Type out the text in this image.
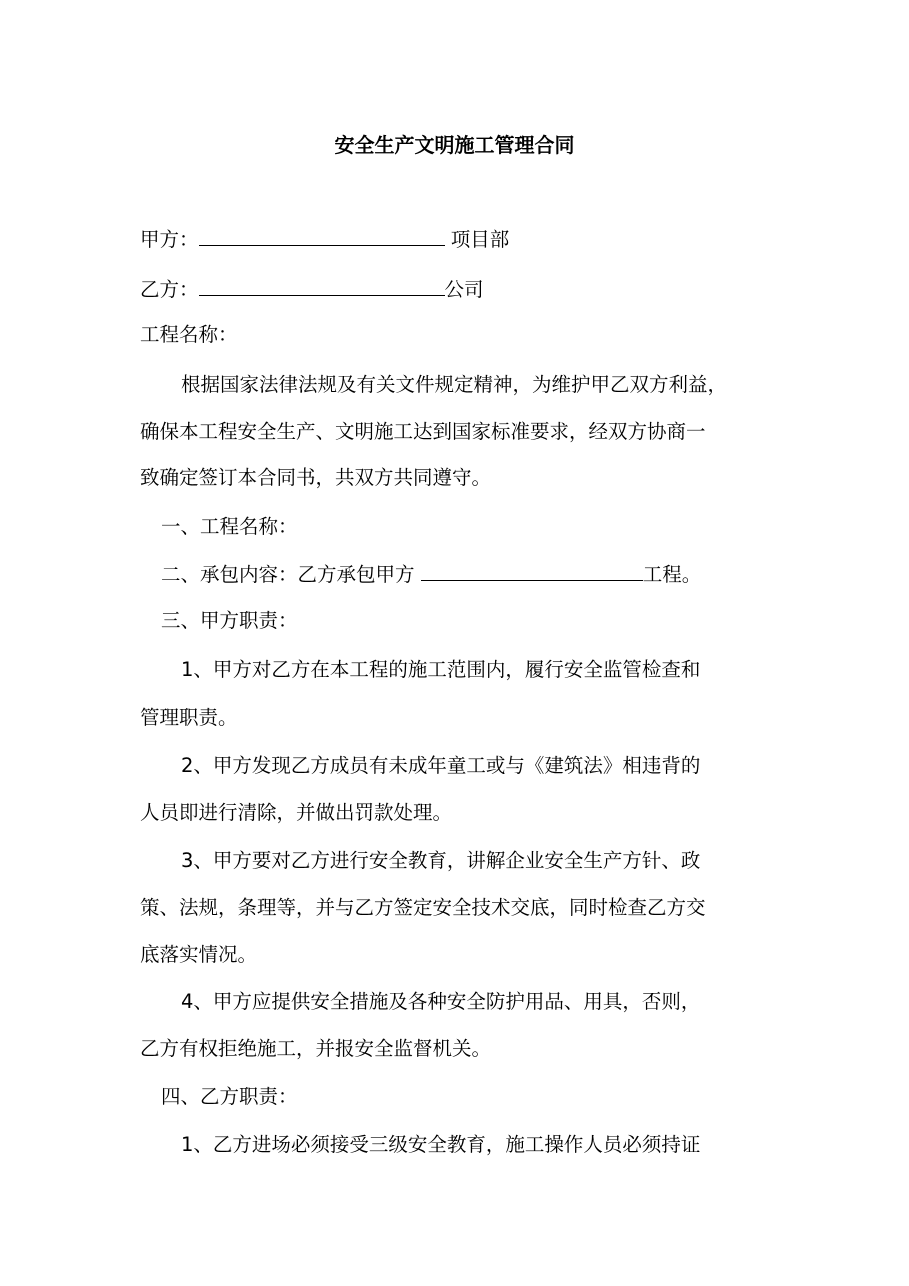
安全生产文明施工管理合同
甲方：	项目部
乙方：	公司
工程名称：
根据国家法律法规及有关文件规定精神，为维护甲乙双方利益，
确保本工程安全生产、文明施工达到国家标准要求，经双方协商一
致确定签订本合同书，共双方共同遵守。
一、工程名称：
二、承包内容：乙方承包甲方	工程。
三、甲方职责：
1、甲方对乙方在本工程的施工范围内，履行安全监管检查和
管理职责。
2、甲方发现乙方成员有未成年童工或与《建筑法》相违背的
人员即进行清除，并做出罚款处理。
3、甲方要对乙方进行安全教育，讲解企业安全生产方针、政
策、法规，条理等，并与乙方签定安全技术交底，同时检查乙方交
底落实情况。
4、甲方应提供安全措施及各种安全防护用品、用具，否则，
乙方有权拒绝施工，并报安全监督机关。
四、乙方职责：
1、乙方进场必须接受三级安全教育，施工操作人员必须持证
